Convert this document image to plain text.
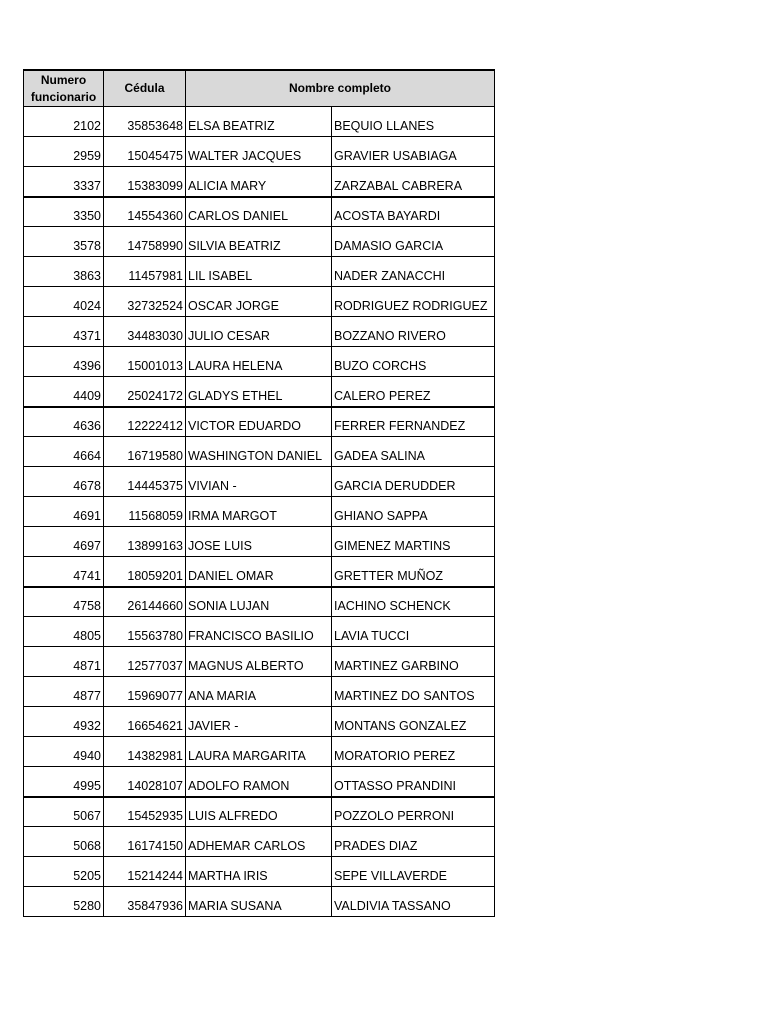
Numero funcionario	Cédula	Nombre completo	
2102	35853648	ELSA BEATRIZ	BEQUIO LLANES
2959	15045475	WALTER JACQUES	GRAVIER USABIAGA
3337	15383099	ALICIA MARY	ZARZABAL CABRERA
3350	14554360	CARLOS DANIEL	ACOSTA BAYARDI
3578	14758990	SILVIA BEATRIZ	DAMASIO GARCIA
3863	11457981	LIL ISABEL	NADER ZANACCHI
4024	32732524	OSCAR JORGE	RODRIGUEZ RODRIGUEZ
4371	34483030	JULIO CESAR	BOZZANO RIVERO
4396	15001013	LAURA HELENA	BUZO CORCHS
4409	25024172	GLADYS ETHEL	CALERO PEREZ
4636	12222412	VICTOR EDUARDO	FERRER FERNANDEZ
4664	16719580	WASHINGTON DANIEL	GADEA SALINA
4678	14445375	VIVIAN -	GARCIA DERUDDER
4691	11568059	IRMA MARGOT	GHIANO SAPPA
4697	13899163	JOSE LUIS	GIMENEZ MARTINS
4741	18059201	DANIEL OMAR	GRETTER MUÑOZ
4758	26144660	SONIA LUJAN	IACHINO SCHENCK
4805	15563780	FRANCISCO BASILIO	LAVIA TUCCI
4871	12577037	MAGNUS ALBERTO	MARTINEZ GARBINO
4877	15969077	ANA MARIA	MARTINEZ DO SANTOS
4932	16654621	JAVIER -	MONTANS GONZALEZ
4940	14382981	LAURA MARGARITA	MORATORIO PEREZ
4995	14028107	ADOLFO RAMON	OTTASSO PRANDINI
5067	15452935	LUIS ALFREDO	POZZOLO PERRONI
5068	16174150	ADHEMAR CARLOS	PRADES DIAZ
5205	15214244	MARTHA IRIS	SEPE VILLAVERDE
5280	35847936	MARIA SUSANA	VALDIVIA TASSANO
